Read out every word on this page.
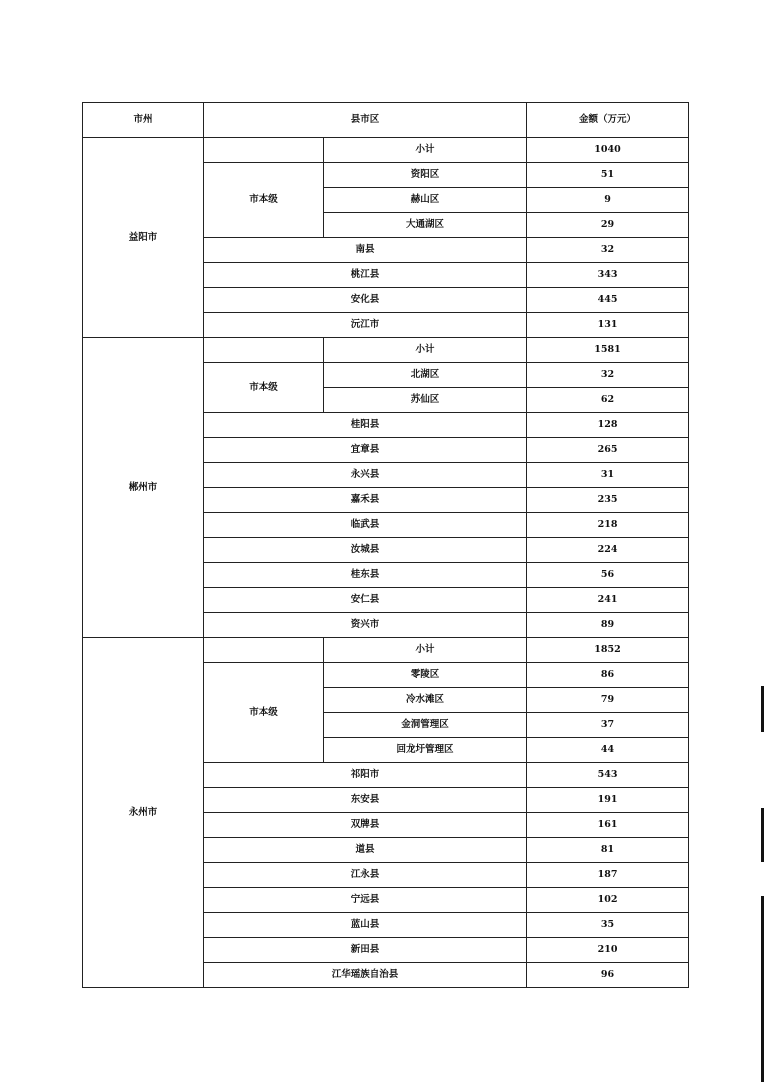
市州	县市区		金额（万元）
益阳市		小计	1040
	市本级	资阳区	51
		赫山区	9
		大通湖区	29
	南县		32
	桃江县		343
	安化县		445
	沅江市		131
郴州市		小计	1581
	市本级	北湖区	32
		苏仙区	62
	桂阳县		128
	宜章县		265
	永兴县		31
	嘉禾县		235
	临武县		218
	汝城县		224
	桂东县		56
	安仁县		241
	资兴市		89
永州市		小计	1852
	市本级	零陵区	86
		冷水滩区	79
		金洞管理区	37
		回龙圩管理区	44
	祁阳市		543
	东安县		191
	双牌县		161
	道县		81
	江永县		187
	宁远县		102
	蓝山县		35
	新田县		210
	江华瑶族自治县		96
